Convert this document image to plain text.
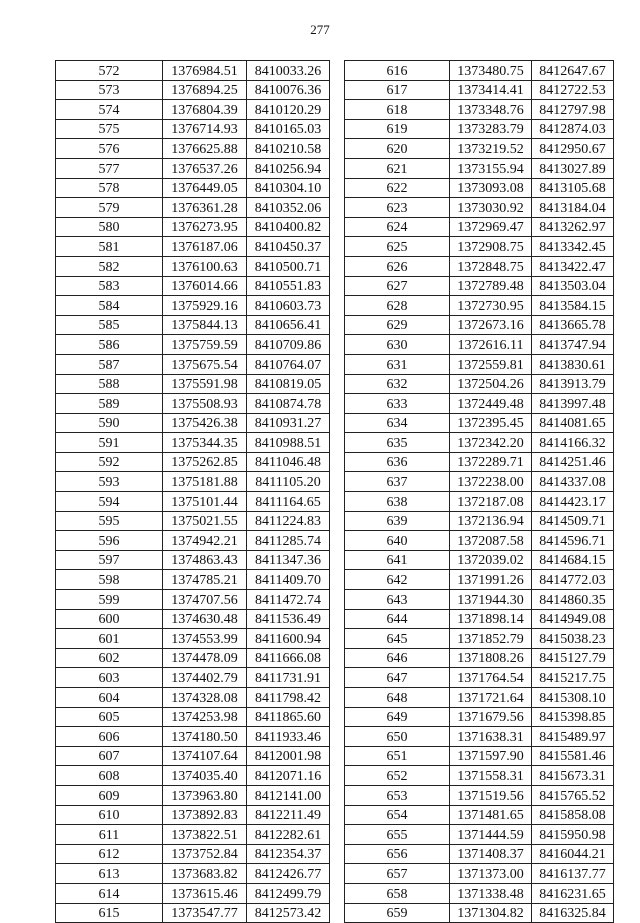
277
572	1376984.51	8410033.26
573	1376894.25	8410076.36
574	1376804.39	8410120.29
575	1376714.93	8410165.03
576	1376625.88	8410210.58
577	1376537.26	8410256.94
578	1376449.05	8410304.10
579	1376361.28	8410352.06
580	1376273.95	8410400.82
581	1376187.06	8410450.37
582	1376100.63	8410500.71
583	1376014.66	8410551.83
584	1375929.16	8410603.73
585	1375844.13	8410656.41
586	1375759.59	8410709.86
587	1375675.54	8410764.07
588	1375591.98	8410819.05
589	1375508.93	8410874.78
590	1375426.38	8410931.27
591	1375344.35	8410988.51
592	1375262.85	8411046.48
593	1375181.88	8411105.20
594	1375101.44	8411164.65
595	1375021.55	8411224.83
596	1374942.21	8411285.74
597	1374863.43	8411347.36
598	1374785.21	8411409.70
599	1374707.56	8411472.74
600	1374630.48	8411536.49
601	1374553.99	8411600.94
602	1374478.09	8411666.08
603	1374402.79	8411731.91
604	1374328.08	8411798.42
605	1374253.98	8411865.60
606	1374180.50	8411933.46
607	1374107.64	8412001.98
608	1374035.40	8412071.16
609	1373963.80	8412141.00
610	1373892.83	8412211.49
611	1373822.51	8412282.61
612	1373752.84	8412354.37
613	1373683.82	8412426.77
614	1373615.46	8412499.79
615	1373547.77	8412573.42
616	1373480.75	8412647.67
617	1373414.41	8412722.53
618	1373348.76	8412797.98
619	1373283.79	8412874.03
620	1373219.52	8412950.67
621	1373155.94	8413027.89
622	1373093.08	8413105.68
623	1373030.92	8413184.04
624	1372969.47	8413262.97
625	1372908.75	8413342.45
626	1372848.75	8413422.47
627	1372789.48	8413503.04
628	1372730.95	8413584.15
629	1372673.16	8413665.78
630	1372616.11	8413747.94
631	1372559.81	8413830.61
632	1372504.26	8413913.79
633	1372449.48	8413997.48
634	1372395.45	8414081.65
635	1372342.20	8414166.32
636	1372289.71	8414251.46
637	1372238.00	8414337.08
638	1372187.08	8414423.17
639	1372136.94	8414509.71
640	1372087.58	8414596.71
641	1372039.02	8414684.15
642	1371991.26	8414772.03
643	1371944.30	8414860.35
644	1371898.14	8414949.08
645	1371852.79	8415038.23
646	1371808.26	8415127.79
647	1371764.54	8415217.75
648	1371721.64	8415308.10
649	1371679.56	8415398.85
650	1371638.31	8415489.97
651	1371597.90	8415581.46
652	1371558.31	8415673.31
653	1371519.56	8415765.52
654	1371481.65	8415858.08
655	1371444.59	8415950.98
656	1371408.37	8416044.21
657	1371373.00	8416137.77
658	1371338.48	8416231.65
659	1371304.82	8416325.84
